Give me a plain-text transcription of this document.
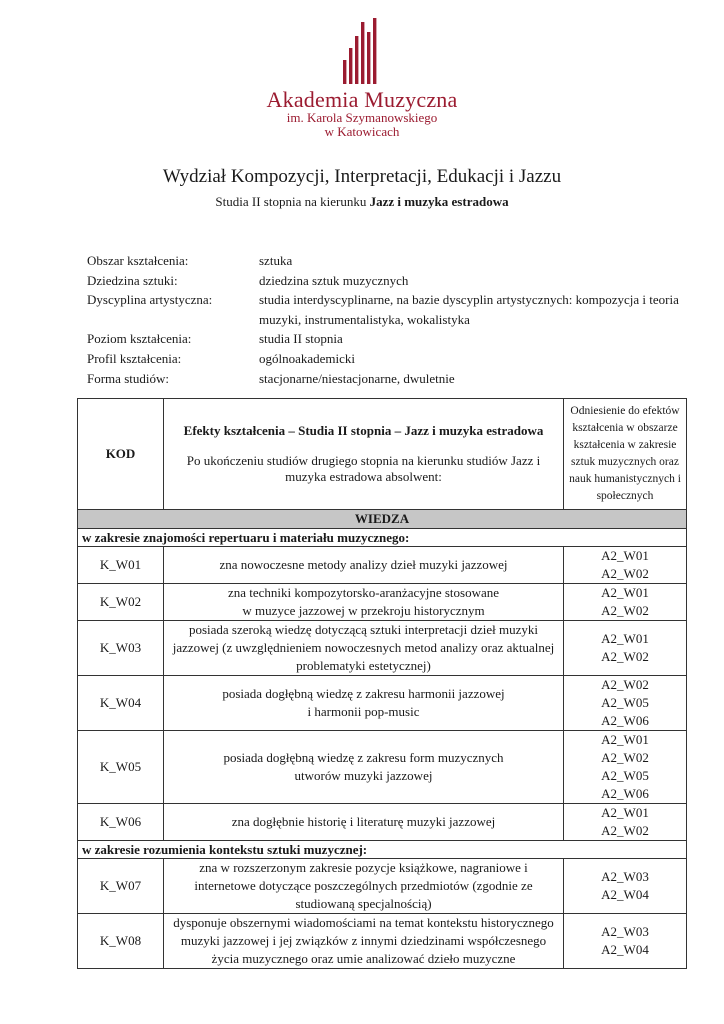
Akademia Muzyczna
im. Karola Szymanowskiego
w Katowicach
Wydział Kompozycji, Interpretacji, Edukacji i Jazzu
Studia II stopnia na kierunku Jazz i muzyka estradowa
Obszar kształcenia:	sztuka
Dziedzina sztuki:	dziedzina sztuk muzycznych
Dyscyplina artystyczna:	studia interdyscyplinarne, na bazie dyscyplin artystycznych: kompozycja i teoria muzyki, instrumentalistyka, wokalistyka
Poziom kształcenia:	studia II stopnia
Profil kształcenia:	ogólnoakademicki
Forma studiów:	stacjonarne/niestacjonarne, dwuletnie
KOD	Efekty kształcenia – Studia II stopnia – Jazz i muzyka estradowa
Po ukończeniu studiów drugiego stopnia na kierunku studiów Jazz i muzyka estradowa absolwent:	Odniesienie do efektów kształcenia w obszarze kształcenia w zakresie sztuk muzycznych oraz nauk humanistycznych i społecznych
WIEDZA		
w zakresie znajomości repertuaru i materiału muzycznego:		
K_W01	zna nowoczesne metody analizy dzieł muzyki jazzowej	A2_W01
A2_W02
K_W02	zna techniki kompozytorsko-aranżacyjne stosowane
w muzyce jazzowej w przekroju historycznym	A2_W01
A2_W02
K_W03	posiada szeroką wiedzę dotyczącą sztuki interpretacji dzieł muzyki jazzowej (z uwzględnieniem nowoczesnych metod analizy oraz aktualnej problematyki estetycznej)	A2_W01
A2_W02
K_W04	posiada dogłębną wiedzę z zakresu harmonii jazzowej
i harmonii pop-music	A2_W02
A2_W05
A2_W06
K_W05	posiada dogłębną wiedzę z zakresu form muzycznych
utworów muzyki jazzowej	A2_W01
A2_W02
A2_W05
A2_W06
K_W06	zna dogłębnie historię i literaturę muzyki jazzowej	A2_W01
A2_W02
w zakresie rozumienia kontekstu sztuki muzycznej:		
K_W07	zna w rozszerzonym zakresie pozycje książkowe, nagraniowe i internetowe dotyczące poszczególnych przedmiotów (zgodnie ze studiowaną specjalnością)	A2_W03
A2_W04
K_W08	dysponuje obszernymi wiadomościami na temat kontekstu historycznego muzyki jazzowej i jej związków z innymi dziedzinami współczesnego życia muzycznego oraz umie analizować dzieło muzyczne	A2_W03
A2_W04
